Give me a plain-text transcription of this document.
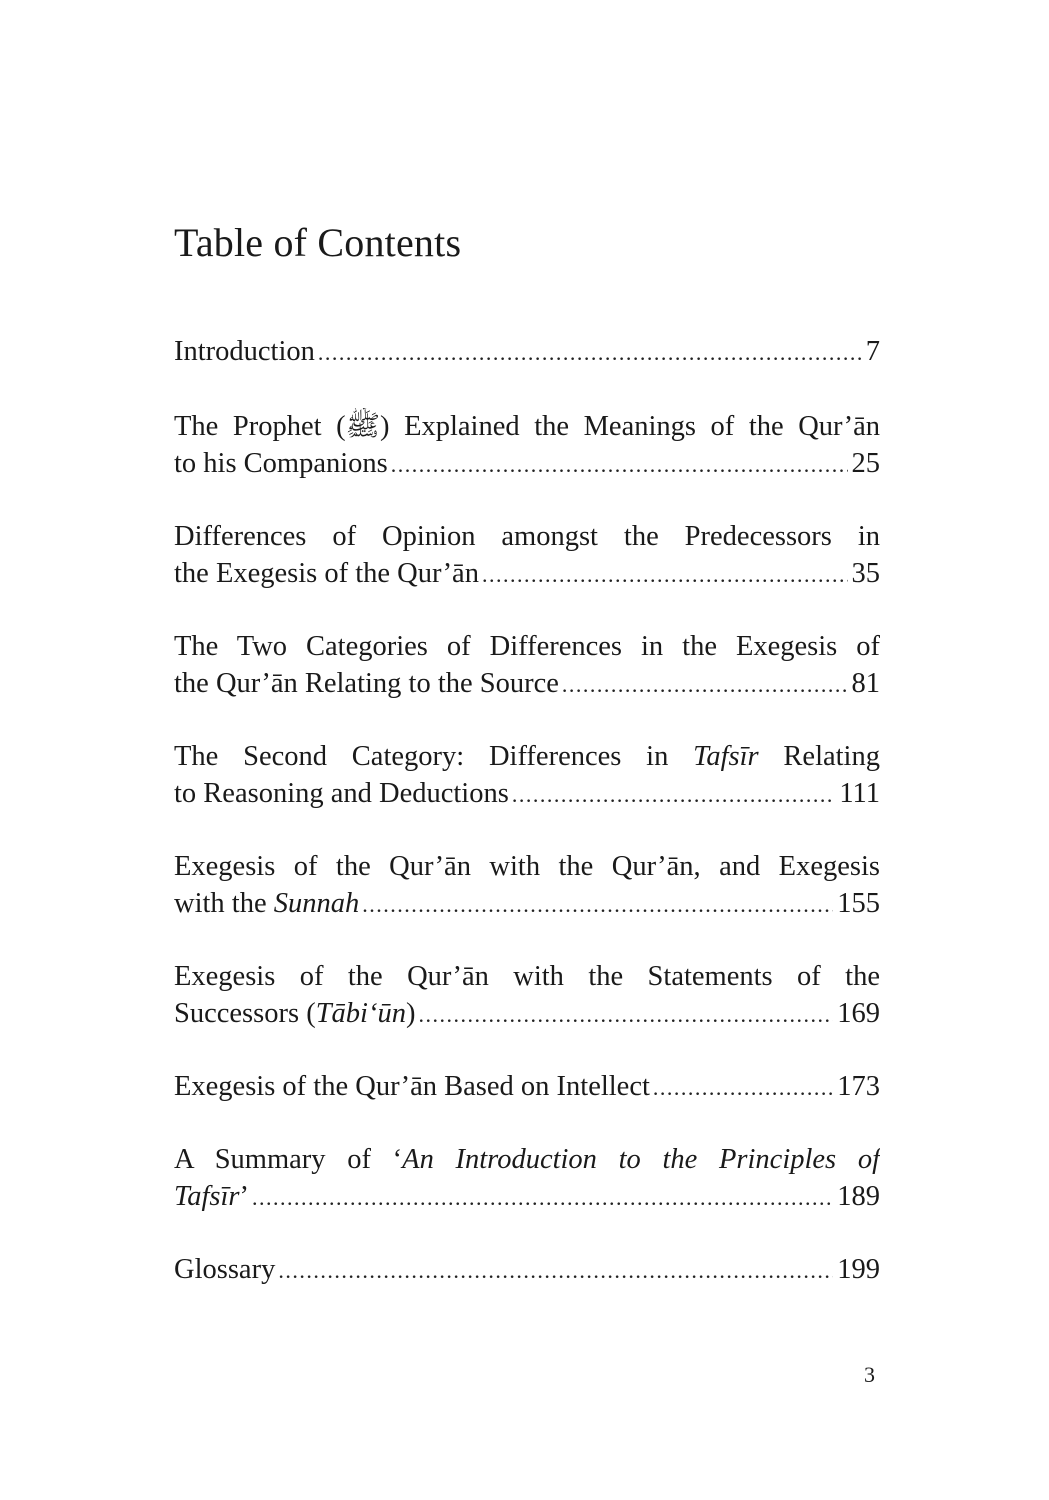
Table of Contents
Introduction .....	7
The Prophet (ﷺ) Explained the Meanings of the Qur’ān
to his Companions .....	25
Differences of Opinion amongst the Predecessors in
the Exegesis of the Qur’ān .....	35
The Two Categories of Differences in the Exegesis of
the Qur’ān Relating to the Source .....	81
The Second Category: Differences in Tafsīr Relating
to Reasoning and Deductions .....	111
Exegesis of the Qur’ān with the Qur’ān, and Exegesis
with the Sunnah .....	155
Exegesis of the Qur’ān with the Statements of the
Successors (Tābi‘ūn) .....	169
Exegesis of the Qur’ān Based on Intellect .....	173
A Summary of ‘An Introduction to the Principles of
Tafsīr’ .....	189
Glossary .....	199
3
